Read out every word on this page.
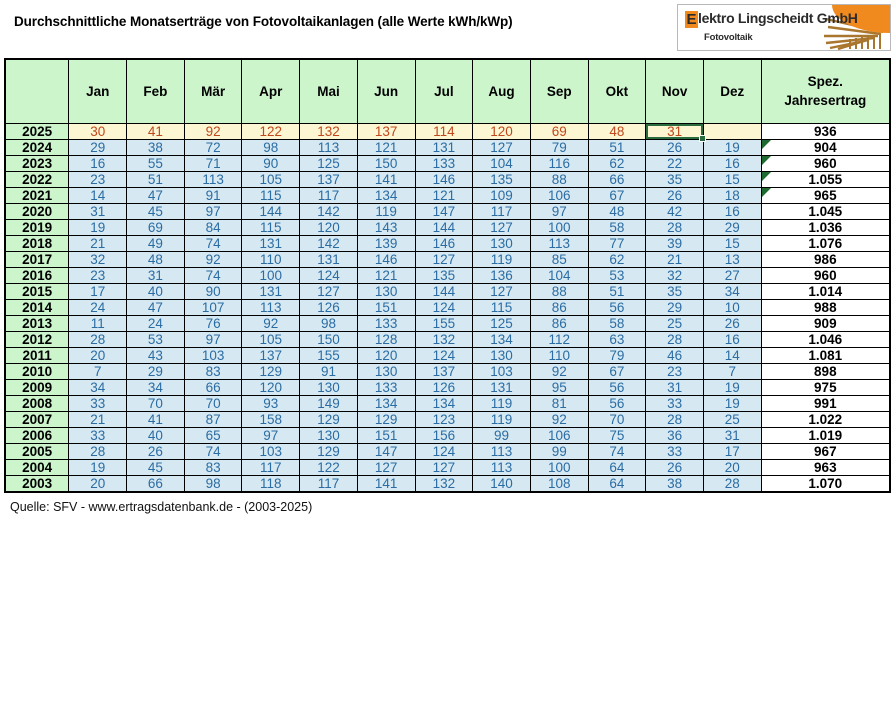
Durchschnittliche Monatserträge von Fotovoltaikanlagen (alle Werte kWh/kWp)	E lektro Lingscheidt GmbH
Fotovoltaik
	Jan	Feb	Mär	Apr	Mai	Jun	Jul	Aug	Sep	Okt	Nov	Dez	Spez.
Jahresertrag

2025	30	41	92	122	132	137	114	120	69	48	31		936
2024	29	38	72	98	113	121	131	127	79	51	26	19	904
2023	16	55	71	90	125	150	133	104	116	62	22	16	960
2022	23	51	113	105	137	141	146	135	88	66	35	15	1.055
2021	14	47	91	115	117	134	121	109	106	67	26	18	965
2020	31	45	97	144	142	119	147	117	97	48	42	16	1.045
2019	19	69	84	115	120	143	144	127	100	58	28	29	1.036
2018	21	49	74	131	142	139	146	130	113	77	39	15	1.076
2017	32	48	92	110	131	146	127	119	85	62	21	13	986
2016	23	31	74	100	124	121	135	136	104	53	32	27	960
2015	17	40	90	131	127	130	144	127	88	51	35	34	1.014
2014	24	47	107	113	126	151	124	115	86	56	29	10	988
2013	11	24	76	92	98	133	155	125	86	58	25	26	909
2012	28	53	97	105	150	128	132	134	112	63	28	16	1.046
2011	20	43	103	137	155	120	124	130	110	79	46	14	1.081
2010	7	29	83	129	91	130	137	103	92	67	23	7	898
2009	34	34	66	120	130	133	126	131	95	56	31	19	975
2008	33	70	70	93	149	134	134	119	81	56	33	19	991
2007	21	41	87	158	129	129	123	119	92	70	28	25	1.022
2006	33	40	65	97	130	151	156	99	106	75	36	31	1.019
2005	28	26	74	103	129	147	124	113	99	74	33	17	967
2004	19	45	83	117	122	127	127	113	100	64	26	20	963
2003	20	66	98	118	117	141	132	140	108	64	38	28	1.070
Quelle: SFV - www.ertragsdatenbank.de - (2003-2025)
